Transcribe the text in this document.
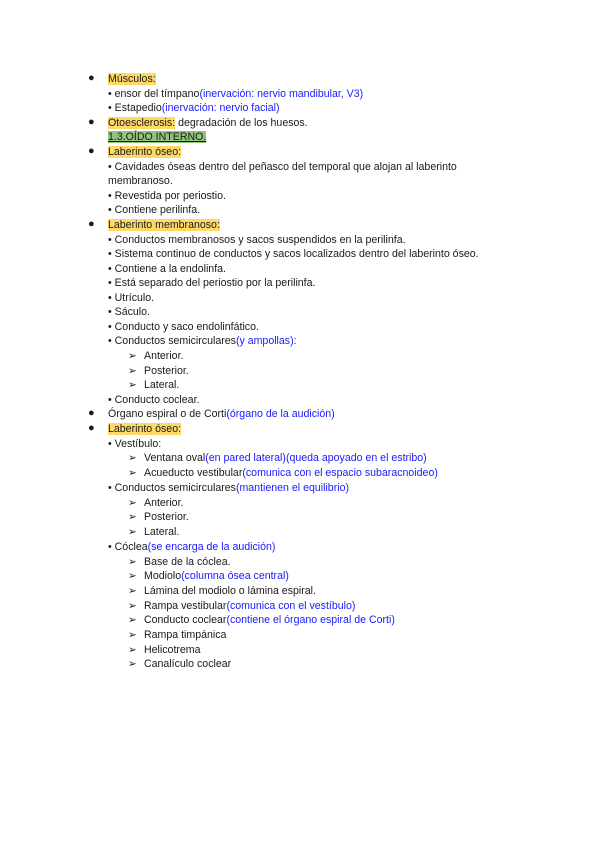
● Músculos:
• ensor del tímpano(inervación: nervio mandibular, V3)
• Estapedio(inervación: nervio facial)
● Otoesclerosis: degradación de los huesos.
1.3.OÍDO INTERNO.
● Laberinto óseo:
• Cavidades óseas dentro del peñasco del temporal que alojan al laberinto
membranoso.
• Revestida por periostio.
• Contiene perilinfa.
● Laberinto membranoso:
• Conductos membranosos y sacos suspendidos en la perilinfa.
• Sistema continuo de conductos y sacos localizados dentro del laberinto óseo.
• Contiene a la endolinfa.
• Está separado del periostio por la perilinfa.
• Utrículo.
• Sáculo.
• Conducto y saco endolinfático.
• Conductos semicirculares(y ampollas):
➢ Anterior.
➢ Posterior.
➢ Lateral.
• Conducto coclear.
● Órgano espiral o de Corti(órgano de la audición)
● Laberinto óseo:
• Vestíbulo:
➢ Ventana oval(en pared lateral)(queda apoyado en el estribo)
➢ Acueducto vestibular(comunica con el espacio subaracnoideo)
• Conductos semicirculares(mantienen el equilibrio)
➢ Anterior.
➢ Posterior.
➢ Lateral.
• Cóclea(se encarga de la audición)
➢ Base de la cóclea.
➢ Modiolo(columna ósea central)
➢ Lámina del modiolo o lámina espiral.
➢ Rampa vestibular(comunica con el vestíbulo)
➢ Conducto coclear(contiene el órgano espiral de Corti)
➢ Rampa timpánica
➢ Helicotrema
➢ Canalículo coclear
